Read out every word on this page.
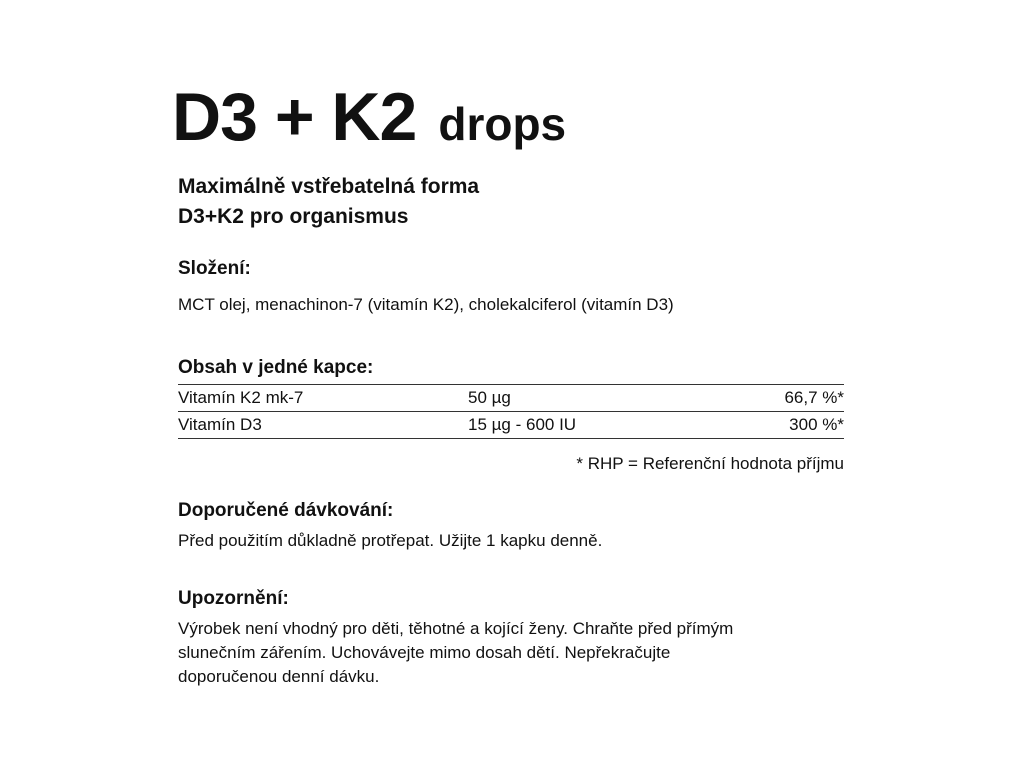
D3 + K2 drops
Maximálně vstřebatelná forma
D3+K2 pro organismus
Složení:
MCT olej, menachinon-7 (vitamín K2), cholekalciferol (vitamín D3)
Obsah v jedné kapce:
Vitamín K2 mk-7	50 µg	66,7 %*
Vitamín D3	15 µg - 600 IU	300 %*
* RHP = Referenční hodnota příjmu
Doporučené dávkování:
Před použitím důkladně protřepat. Užijte 1 kapku denně.
Upozornění:
Výrobek není vhodný pro děti, těhotné a kojící ženy. Chraňte před přímým
slunečním zářením. Uchovávejte mimo dosah dětí. Nepřekračujte
doporučenou denní dávku.
